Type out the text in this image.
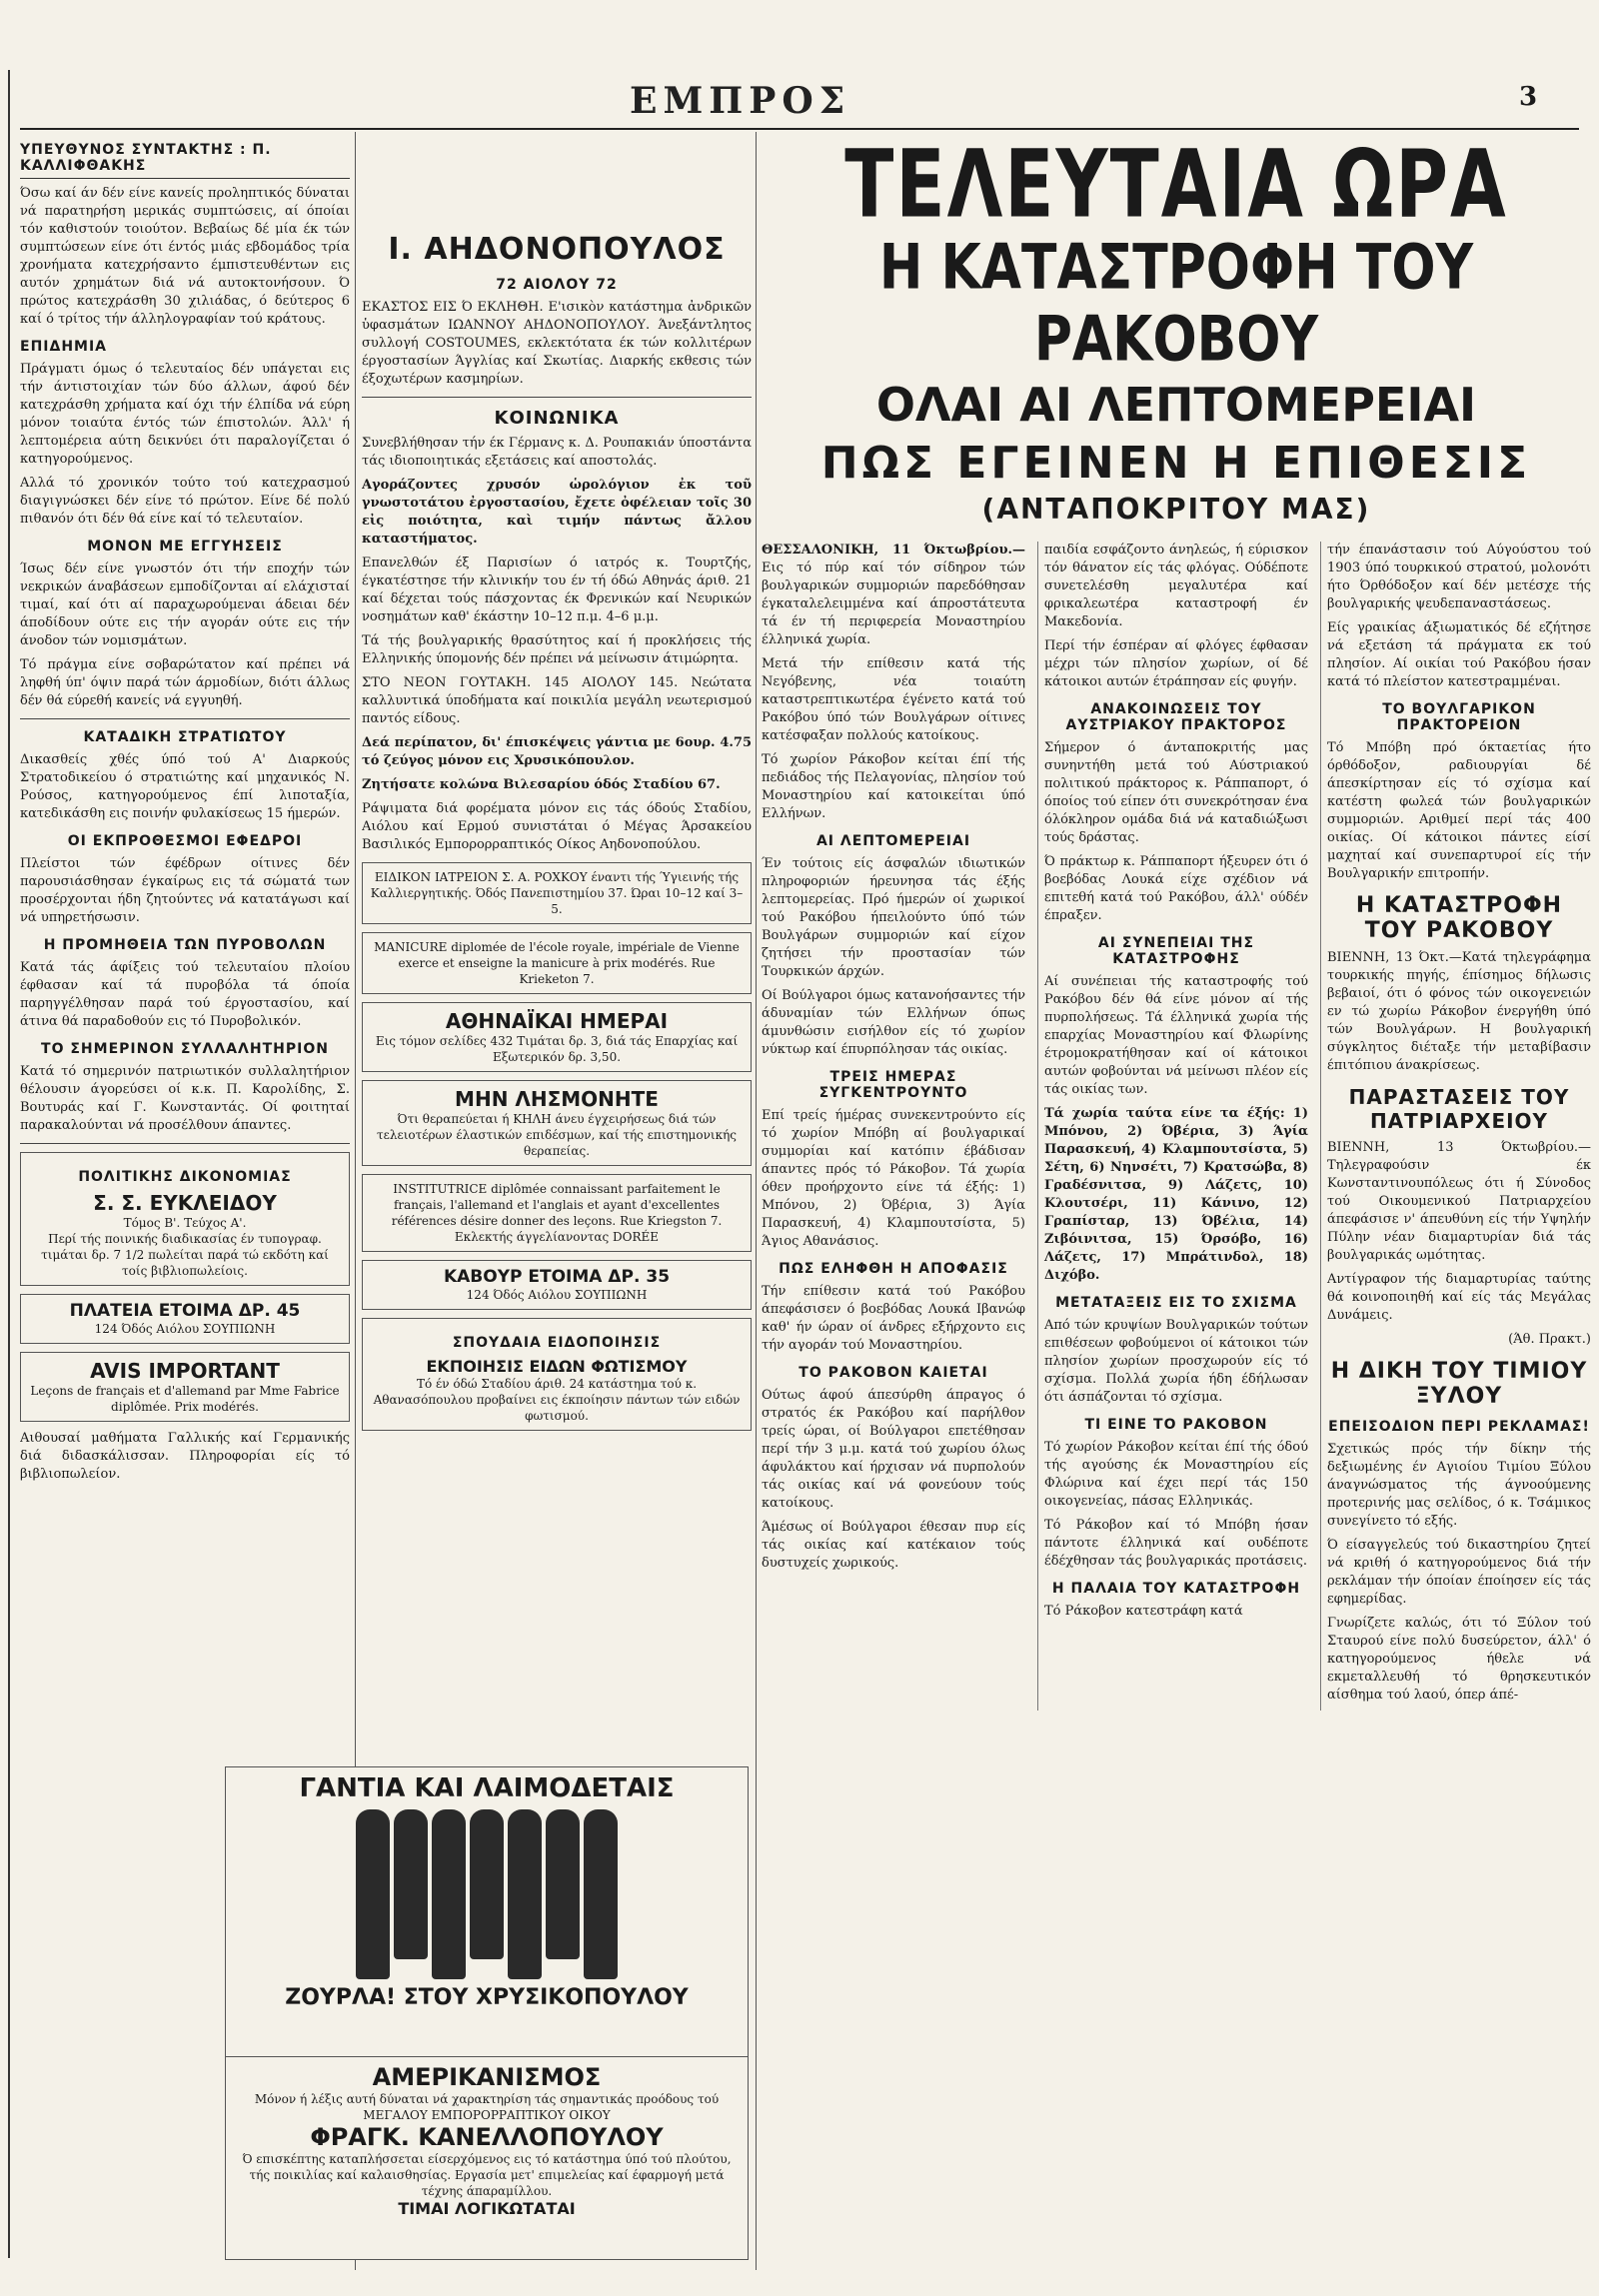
ΕΜΠΡΟΣ	3
ΥΠΕΥΘΥΝΟΣ ΣΥΝΤΑΚΤΗΣ : Π. ΚΑΛΛΙΦΘΑΚΗΣ

Όσω καί άν δέν είνε κανείς προληπτικός δύναται νά παρατηρήση μερικάς συμπτώσεις, αί όποίαι τόν καθιστούν τοιούτον. Βεβαίως δέ μία έκ τών συμπτώσεων είνε ότι έντός μιάς εβδομάδος τρία χρονήματα κατεχρήσαντο έμπιστευθέντων εις αυτόν χρημάτων διά νά αυτοκτονήσουν. Ό πρώτος κατεχράσθη 30 χιλιάδας, ό δεύτερος 6 καί ό τρίτος τήν άλληλογραφίαν τού κράτους.

ΕΠΙΔΗΜΙΑ

Πράγματι όμως ό τελευταίος δέν υπάγεται εις τήν άντιστοιχίαν τών δύο άλλων, άφού δέν κατεχράσθη χρήματα καί όχι τήν έλπίδα νά εύρη μόνον τοιαύτα έντός τών έπιστολών. Άλλ' ή λεπτομέρεια αύτη δεικνύει ότι παραλογίζεται ό κατηγορούμενος.

Αλλά τό χρονικόν τούτο τού κατεχρασμού διαγιγνώσκει δέν είνε τό πρώτον. Είνε δέ πολύ πιθανόν ότι δέν θά είνε καί τό τελευταίον.

ΜΟΝΟΝ ΜΕ ΕΓΓΥΗΣΕΙΣ

Ίσως δέν είνε γνωστόν ότι τήν εποχήν τών νεκρικών άναβάσεων εμποδίζονται αί ελάχισταί τιμαί, καί ότι αί παραχωρούμεναι άδειαι δέν άποδίδουν ούτε εις τήν αγοράν ούτε εις τήν άνοδον τών νομισμάτων.

Τό πράγμα είνε σοβαρώτατον καί πρέπει νά ληφθή ύπ' όψιν παρά τών άρμοδίων, διότι άλλως δέν θά εύρεθή κανείς νά εγγυηθή.

ΚΑΤΑΔΙΚΗ ΣΤΡΑΤΙΩΤΟΥ

Δικασθείς χθές ύπό τού Α' Διαρκούς Στρατοδικείου ό στρατιώτης καί μηχανικός Ν. Ρούσος, κατηγορούμενος έπί λιποταξία, κατεδικάσθη εις ποινήν φυλακίσεως 15 ήμερών.

ΟΙ ΕΚΠΡΟΘΕΣΜΟΙ ΕΦΕΔΡΟΙ

Πλείστοι τών έφέδρων οίτινες δέν παρουσιάσθησαν έγκαίρως εις τά σώματά των προσέρχονται ήδη ζητούντες νά κατατάγωσι καί νά υπηρετήσωσιν.

Η ΠΡΟΜΗΘΕΙΑ ΤΩΝ ΠΥΡΟΒΟΛΩΝ

Κατά τάς άφίξεις τού τελευταίου πλοίου έφθασαν καί τά πυροβόλα τά όποία παρηγγέλθησαν παρά τού έργοστασίου, καί άτινα θά παραδοθούν εις τό Πυροβολικόν.

ΤΟ ΣΗΜΕΡΙΝΟΝ ΣΥΛΛΑΛΗΤΗΡΙΟΝ

Κατά τό σημερινόν πατριωτικόν συλλαλητήριον θέλουσιν άγορεύσει οί κ.κ. Π. Καρολίδης, Σ. Βουτυράς καί Γ. Κωνσταντάς. Οί φοιτηταί παρακαλούνται νά προσέλθουν άπαντες.

ΠΟΛΙΤΙΚΗΣ ΔΙΚΟΝΟΜΙΑΣ
Σ. Σ. ΕΥΚΛΕΙΔΟΥ
Τόμος Β'. Τεύχος Α'.
Περί τής ποινικής διαδικασίας έν τυπογραφ. τιμάται δρ. 7 1/2 πωλείται παρά τώ εκδότη καί τοίς βιβλιοπωλείοις.
ΠΛΑΤΕΙΑ ΕΤΟΙΜΑ ΔΡ. 45
124 Όδός Αιόλου ΣΟΥΠΙΩΝΗ
AVIS IMPORTANT
Leçons de français et d'allemand par Mme Fabrice diplômée. Prix modérés.

Αιθουσαί μαθήματα Γαλλικής καί Γερμανικής διά διδασκάλισσαν. Πληροφορίαι είς τό βιβλιοπωλείον.

Ι. ΑΗΔΟΝΟΠΟΥΛΟΣ
72 ΑΙΟΛΟΥ 72

ΕΚΑΣΤΟΣ ΕΙΣ Ό ΕΚΛΗΘΗ. Ε'ισικὸν κατάστημα ἀνδρικῶν ὑφασμάτων ΙΩΑΝΝΟΥ ΑΗΔΟΝΟΠΟΥΛΟΥ. Άνεξάντλητος συλλογή COSTOUMES, εκλεκτότατα έκ τών κολλιτέρων έργοστασίων Άγγλίας καί Σκωτίας. Διαρκής εκθεσις τών έξοχωτέρων κασμηρίων.

ΚΟΙΝΩΝΙΚΑ

Συνεβλήθησαν τήν έκ Γέρμανς κ. Δ. Ρουπακιάν ύποστάντα τάς ιδιοποιητικάς εξετάσεις καί αποστολάς.

Αγοράζοντες χρυσόν ὡρολόγιον ἐκ τοῦ γνωστοτάτου ἐργοστασίου, ἔχετε ὀφέλειαν τοῖς 30 εἰς ποιότητα, καὶ τιμήν πάντως ἄλλου καταστήματος.

Επανελθών έξ Παρισίων ό ιατρός κ. Τουρτζής, έγκατέστησε τήν κλινικήν του έν τή όδώ Αθηνάς άριθ. 21 καί δέχεται τούς πάσχοντας έκ Φρενικών καί Νευρικών νοσημάτων καθ' έκάστην 10–12 π.μ. 4–6 μ.μ.

Τά τής βουλγαρικής θρασύτητος καί ή προκλήσεις τής Ελληνικής ύπομονής δέν πρέπει νά μείνωσιν άτιμώρητα.

ΣΤΟ ΝΕΟΝ ΓΟΥΤΑΚΗ. 145 ΑΙΟΛΟΥ 145. Νεώτατα καλλυντικά ύποδήματα καί ποικιλία μεγάλη νεωτερισμού παντός είδους.

Δεά περίπατον, δι' έπισκέψεις γάντια με 6ουρ. 4.75 τό ζεύγος μόνον εις Χρυσικόπουλον.

Ζητήσατε κολώνα Βιλεσαρίου όδός Σταδίου 67.

Ράψιματα διά φορέματα μόνον εις τάς όδούς Σταδίου, Αιόλου καί Ερμού συνιστάται ό Μέγας Άρσακείου Βασιλικός Εμπορορραπτικός Οίκος Αηδονοπούλου.

ΕΙΔΙΚΟΝ ΙΑΤΡΕΙΟΝ Σ. Α. ΡΟΧΚΟΥ έναντι τής Ύγιεινής τής Καλλιεργητικής. Όδός Πανεπιστημίου 37. Ώραι 10–12 καί 3–5.
MANICURE diplomée de l'école royale, impériale de Vienne exerce et enseigne la manicure à prix modérés. Rue Krieketon 7.
ΑΘΗΝΑΪΚΑΙ ΗΜΕΡΑΙ
Εις τόμον σελίδες 432 Τιμάται δρ. 3, διά τάς Επαρχίας καί Εξωτερικόν δρ. 3,50.
ΜΗΝ ΛΗΣΜΟΝΗΤΕ
Ότι θεραπεύεται ή ΚΗΛΗ άνευ έγχειρήσεως διά τών τελειοτέρων έλαστικών επιδέσμων, καί τής επιστημονικής θεραπείας.
INSTITUTRICE diplômée connaissant parfaitement le français, l'allemand et l'anglais et ayant d'excellentes références désire donner des leçons. Rue Kriegston 7.
Εκλεκτής άγγελίανοντας DORÉE
ΚΑΒΟΥΡ ΕΤΟΙΜΑ ΔΡ. 35
124 Όδός Αιόλου ΣΟΥΠΙΩΝΗ
ΣΠΟΥΔΑΙΑ ΕΙΔΟΠΟΙΗΣΙΣ
ΕΚΠΟΙΗΣΙΣ ΕΙΔΩΝ ΦΩΤΙΣΜΟΥ
Τό έν όδώ Σταδίου άριθ. 24 κατάστημα τού κ. Αθανασόπουλου προβαίνει εις έκποίησιν πάντων τών ειδών φωτισμού.
ΓΑΝΤΙΑ ΚΑΙ ΛΑΙΜΟΔΕΤΑΙΣ
ΖΟΥΡΛΑ! ΣΤΟΥ ΧΡΥΣΙΚΟΠΟΥΛΟΥ
ΑΜΕΡΙΚΑΝΙΣΜΟΣ
Μόνον ή λέξις αυτή δύναται νά χαρακτηρίση τάς σημαντικάς προόδους τού ΜΕΓΑΛΟΥ ΕΜΠΟΡΟΡΡΑΠΤΙΚΟΥ ΟΙΚΟΥ
ΦΡΑΓΚ. ΚΑΝΕΛΛΟΠΟΥΛΟΥ
Ό επισκέπτης καταπλήσσεται είσερχόμενος εις τό κατάστημα ύπό τού πλούτου, τής ποικιλίας καί καλαισθησίας. Εργασία μετ' επιμελείας καί έφαρμογή μετά τέχνης άπαραμίλλου.
ΤΙΜΑΙ ΛΟΓΙΚΩΤΑΤΑΙ
ΤΕΛΕΥΤΑΙΑ ΩΡΑ
Η ΚΑΤΑΣΤΡΟΦΗ ΤΟΥ ΡΑΚΟΒΟΥ
ΟΛΑΙ ΑΙ ΛΕΠΤΟΜΕΡΕΙΑΙ
ΠΩΣ ΕΓΕΙΝΕΝ Η ΕΠΙΘΕΣΙΣ
(ΑΝΤΑΠΟΚΡΙΤΟΥ ΜΑΣ)

ΘΕΣΣΑΛΟΝΙΚΗ, 11 Όκτωβρίου.— Εις τό πύρ καί τόν σίδηρον τών βουλγαρικών συμμοριών παρεδόθησαν έγκαταλελειμμένα καί άπροστάτευτα τά έν τή περιφερεία Μοναστηρίου έλληνικά χωρία.

Μετά τήν επίθεσιν κατά τής Νεγόβενης, νέα τοιαύτη καταστρεπτικωτέρα έγένετο κατά τού Ρακόβου ύπό τών Βουλγάρων οίτινες κατέσφαξαν πολλούς κατοίκους.

Τό χωρίον Ράκοβον κείται έπί τής πεδιάδος τής Πελαγονίας, πλησίον τού Μοναστηρίου καί κατοικείται ύπό Ελλήνων.

ΑΙ ΛΕΠΤΟΜΕΡΕΙΑΙ

Έν τούτοις είς άσφαλών ιδιωτικών πληροφοριών ήρευνησα τάς έξής λεπτομερείας. Πρό ήμερών οί χωρικοί τού Ρακόβου ήπειλούντο ύπό τών Βουλγάρων συμμοριών καί είχον ζητήσει τήν προστασίαν τών Τουρκικών άρχών.

Οί Βούλγαροι όμως κατανοήσαντες τήν άδυναμίαν τών Ελλήνων όπως άμυνθώσιν εισήλθον είς τό χωρίον νύκτωρ καί έπυρπόλησαν τάς οικίας.

ΤΡΕΙΣ ΗΜΕΡΑΣ ΣΥΓΚΕΝΤΡΟΥΝΤΟ

Επί τρείς ήμέρας συνεκεντρούντο είς τό χωρίον Μπόβη αί βουλγαρικαί συμμορίαι καί κατόπιν έβάδισαν άπαντες πρός τό Ράκοβον. Τά χωρία όθεν προήρχοντο είνε τά έξής: 1) Μπόνου, 2) Όβέρια, 3) Άγία Παρασκευή, 4) Κλαμπουτσίστα, 5) Άγιος Αθανάσιος.

ΠΩΣ ΕΛΗΦΘΗ Η ΑΠΟΦΑΣΙΣ

Τήν επίθεσιν κατά τού Ρακόβου άπεφάσισεν ό βοεβόδας Λουκά Ιβανώφ καθ' ήν ώραν οί άνδρες εξήρχοντο εις τήν αγοράν τού Μοναστηρίου.

ΤΟ ΡΑΚΟΒΟΝ ΚΑΙΕΤΑΙ

Ούτως άφού άπεσύρθη άπραγος ό στρατός έκ Ρακόβου καί παρήλθον τρείς ώραι, οί Βούλγαροι επετέθησαν περί τήν 3 μ.μ. κατά τού χωρίου όλως άφυλάκτου καί ήρχισαν νά πυρπολούν τάς οικίας καί νά φονεύουν τούς κατοίκους.

Άμέσως οί Βούλγαροι έθεσαν πυρ είς τάς οικίας καί κατέκαιον τούς δυστυχείς χωρικούς.

παιδία εσφάζοντο άνηλεώς, ή εύρισκον τόν θάνατον είς τάς φλόγας. Ούδέποτε συνετελέσθη μεγαλυτέρα καί φρικαλεωτέρα καταστροφή έν Μακεδονία.

Περί τήν έσπέραν αί φλόγες έφθασαν μέχρι τών πλησίον χωρίων, οί δέ κάτοικοι αυτών έτράπησαν είς φυγήν.

ΑΝΑΚΟΙΝΩΣΕΙΣ ΤΟΥ ΑΥΣΤΡΙΑΚΟΥ ΠΡΑΚΤΟΡΟΣ

Σήμερον ό άνταποκριτής μας συνηντήθη μετά τού Αύστριακού πολιτικού πράκτορος κ. Ράππαπορτ, ό όποίος τού είπεν ότι συνεκρότησαν ένα όλόκληρον ομάδα διά νά καταδιώξωσι τούς δράστας.

Ό πράκτωρ κ. Ράππαπορτ ήξευρεν ότι ό βοεβόδας Λουκά είχε σχέδιον νά επιτεθή κατά τού Ρακόβου, άλλ' ούδέν έπραξεν.

ΑΙ ΣΥΝΕΠΕΙΑΙ ΤΗΣ ΚΑΤΑΣΤΡΟΦΗΣ

Αί συνέπειαι τής καταστροφής τού Ρακόβου δέν θά είνε μόνον αί τής πυρπολήσεως. Τά έλληνικά χωρία τής επαρχίας Μοναστηρίου καί Φλωρίνης έτρομοκρατήθησαν καί οί κάτοικοι αυτών φοβούνται νά μείνωσι πλέον είς τάς οικίας των.

Τά χωρία ταύτα είνε τα έξής: 1) Μπόνου, 2) Όβέρια, 3) Άγία Παρασκευή, 4) Κλαμπουτσίστα, 5) Σέτη, 6) Νηνσέτι, 7) Κρατσώβα, 8) Γραδέσνιτσα, 9) Λάζετς, 10) Κλουτσέρι, 11) Κάνινο, 12) Γραπίσταρ, 13) Όβέλια, 14) Ζιβόινιτσα, 15) Όρσόβο, 16) Λάζετς, 17) Μπράτινδολ, 18) Διχόβο.

ΜΕΤΑΤΑΞΕΙΣ ΕΙΣ ΤΟ ΣΧΙΣΜΑ

Από τών κρυψίων Βουλγαρικών τούτων επιθέσεων φοβούμενοι οί κάτοικοι τών πλησίον χωρίων προσχωρούν είς τό σχίσμα. Πολλά χωρία ήδη έδήλωσαν ότι άσπάζονται τό σχίσμα.

ΤΙ ΕΙΝΕ ΤΟ ΡΑΚΟΒΟΝ

Τό χωρίον Ράκοβον κείται έπί τής όδού τής αγούσης έκ Μοναστηρίου είς Φλώρινα καί έχει περί τάς 150 οικογενείας, πάσας Ελληνικάς.

Τό Ράκοβον καί τό Μπόβη ήσαν πάντοτε έλληνικά καί ουδέποτε έδέχθησαν τάς βουλγαρικάς προτάσεις.

Η ΠΑΛΑΙΑ ΤΟΥ ΚΑΤΑΣΤΡΟΦΗ

Τό Ράκοβον κατεστράφη κατά

τήν έπανάστασιν τού Αύγούστου τού 1903 ύπό τουρκικού στρατού, μολονότι ήτο Όρθόδοξον καί δέν μετέσχε τής βουλγαρικής ψευδεπαναστάσεως.

Είς γραικίας άξιωματικός δέ εζήτησε νά εξετάση τά πράγματα εκ τού πλησίον. Αί οικίαι τού Ρακόβου ήσαν κατά τό πλείστον κατεστραμμέναι.

ΤΟ ΒΟΥΛΓΑΡΙΚΟΝ ΠΡΑΚΤΟΡΕΙΟΝ

Τό Μπόβη πρό όκταετίας ήτο όρθόδοξον, ραδιουργίαι δέ άπεσκίρτησαν είς τό σχίσμα καί κατέστη φωλεά τών βουλγαρικών συμμοριών. Αριθμεί περί τάς 400 οικίας. Οί κάτοικοι πάντες είσί μαχηταί καί συνεπαρτυροί είς τήν Βουλγαρικήν επιτροπήν.

Η ΚΑΤΑΣΤΡΟΦΗ ΤΟΥ ΡΑΚΟΒΟΥ

ΒΙΕΝΝΗ, 13 Όκτ.—Κατά τηλεγράφημα τουρκικής πηγής, έπίσημος δήλωσις βεβαιοί, ότι ό φόνος τών οικογενειών εν τώ χωρίω Ράκοβον ένεργήθη ύπό τών Βουλγάρων. Η βουλγαρική σύγκλητος διέταξε τήν μεταβίβασιν έπιτόπιου άνακρίσεως.

ΠΑΡΑΣΤΑΣΕΙΣ ΤΟΥ ΠΑΤΡΙΑΡΧΕΙΟΥ

ΒΙΕΝΝΗ, 13 Όκτωβρίου.—Τηλεγραφούσιν έκ Κωνσταντινουπόλεως ότι ή Σύνοδος τού Οικουμενικού Πατριαρχείου άπεφάσισε ν' άπευθύνη είς τήν Υψηλήν Πύλην νέαν διαμαρτυρίαν διά τάς βουλγαρικάς ωμότητας.

Αντίγραφον τής διαμαρτυρίας ταύτης θά κοινοποιηθή καί είς τάς Μεγάλας Δυνάμεις.

(Άθ. Πρακτ.)

Η ΔΙΚΗ ΤΟΥ ΤΙΜΙΟΥ ΞΥΛΟΥ
ΕΠΕΙΣΟΔΙΟΝ ΠΕΡΙ ΡΕΚΛΑΜΑΣ!

Σχετικώς πρός τήν δίκην τής δεξιωμένης έν Αγιοίου Τιμίου Ξύλου άναγνώσματος τής άγνοούμενης προτερινής μας σελίδος, ό κ. Τσάμικος συνεγίνετο τό εξής.

Ό είσαγγελεύς τού δικαστηρίου ζητεί νά κριθή ό κατηγορούμενος διά τήν ρεκλάμαν τήν όποίαν έποίησεν είς τάς εφημερίδας.

Γνωρίζετε καλώς, ότι τό Ξύλον τού Σταυρού είνε πολύ δυσεύρετον, άλλ' ό κατηγορούμενος ήθελε νά εκμεταλλευθή τό θρησκευτικόν αίσθημα τού λαού, όπερ άπέ-
